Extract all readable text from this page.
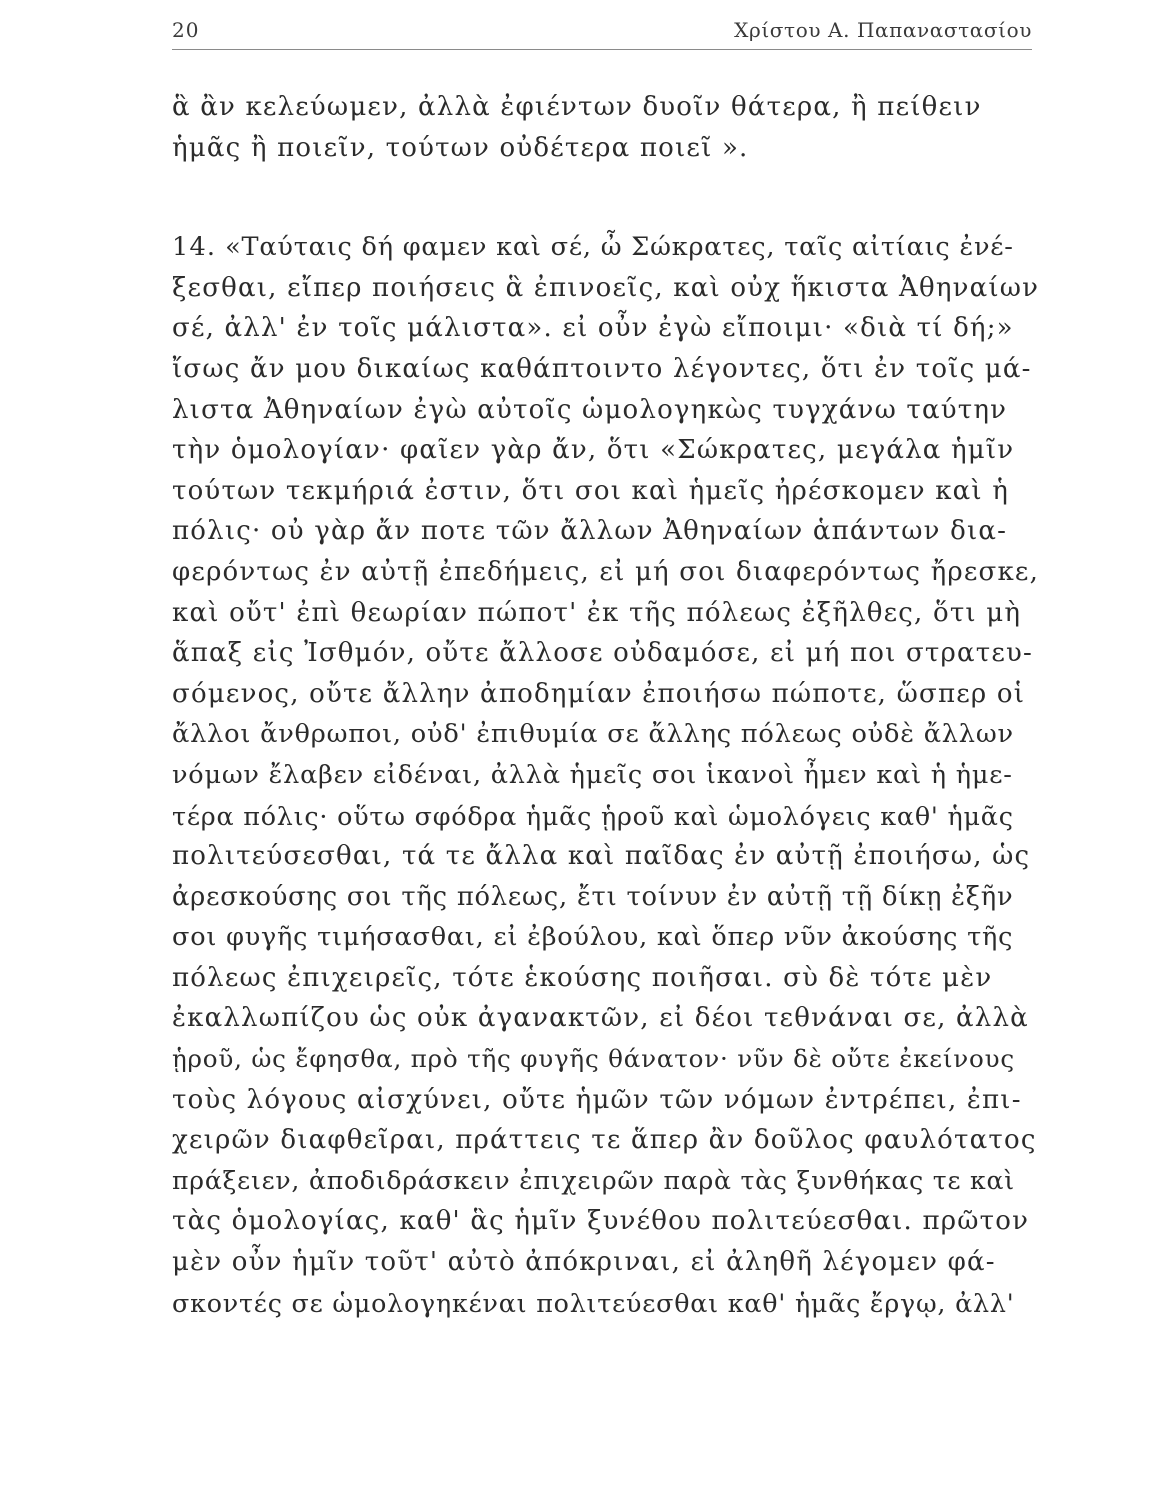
20	Χρίστου Α. Παπαναστασίου
ἃ ἂν κελεύωμεν, ἀλλὰ ἐφιέντων δυοῖν θάτερα, ἢ πείθειν
ἡμᾶς ἢ ποιεῖν, τούτων οὐδέτερα ποιεῖ ».
14. «Ταύταις δή φαμεν καὶ σέ, ὦ Σώκρατες, ταῖς αἰτίαις ἐνέ-
ξεσθαι, εἴπερ ποιήσεις ἃ ἐπινοεῖς, καὶ οὐχ ἥκιστα Ἀθηναίων
σέ, ἀλλ' ἐν τοῖς μάλιστα». εἰ οὖν ἐγὼ εἴποιμι· «διὰ τί δή;»
ἴσως ἄν μου δικαίως καθάπτοιντο λέγοντες, ὅτι ἐν τοῖς μά-
λιστα Ἀθηναίων ἐγὼ αὐτοῖς ὡμολογηκὼς τυγχάνω ταύτην
τὴν ὁμολογίαν· φαῖεν γὰρ ἄν, ὅτι «Σώκρατες, μεγάλα ἡμῖν
τούτων τεκμήριά ἐστιν, ὅτι σοι καὶ ἡμεῖς ἠρέσκομεν καὶ ἡ
πόλις· οὐ γὰρ ἄν ποτε τῶν ἄλλων Ἀθηναίων ἁπάντων δια-
φερόντως ἐν αὐτῇ ἐπεδήμεις, εἰ μή σοι διαφερόντως ἤρεσκε,
καὶ οὔτ' ἐπὶ θεωρίαν πώποτ' ἐκ τῆς πόλεως ἐξῆλθες, ὅτι μὴ
ἅπαξ εἰς Ἰσθμόν, οὔτε ἄλλοσε οὐδαμόσε, εἰ μή ποι στρατευ-
σόμενος, οὔτε ἄλλην ἀποδημίαν ἐποιήσω πώποτε, ὥσπερ οἱ
ἄλλοι ἄνθρωποι, οὐδ' ἐπιθυμία σε ἄλλης πόλεως οὐδὲ ἄλλων
νόμων ἔλαβεν εἰδέναι, ἀλλὰ ἡμεῖς σοι ἱκανοὶ ἦμεν καὶ ἡ ἡμε-
τέρα πόλις· οὕτω σφόδρα ἡμᾶς ᾑροῦ καὶ ὡμολόγεις καθ' ἡμᾶς
πολιτεύσεσθαι, τά τε ἄλλα καὶ παῖδας ἐν αὐτῇ ἐποιήσω, ὡς
ἀρεσκούσης σοι τῆς πόλεως, ἔτι τοίνυν ἐν αὐτῇ τῇ δίκῃ ἐξῆν
σοι φυγῆς τιμήσασθαι, εἰ ἐβούλου, καὶ ὅπερ νῦν ἀκούσης τῆς
πόλεως ἐπιχειρεῖς, τότε ἑκούσης ποιῆσαι. σὺ δὲ τότε μὲν
ἐκαλλωπίζου ὡς οὐκ ἀγανακτῶν, εἰ δέοι τεθνάναι σε, ἀλλὰ
ᾑροῦ, ὡς ἔφησθα, πρὸ τῆς φυγῆς θάνατον· νῦν δὲ οὔτε ἐκείνους
τοὺς λόγους αἰσχύνει, οὔτε ἡμῶν τῶν νόμων ἐντρέπει, ἐπι-
χειρῶν διαφθεῖραι, πράττεις τε ἅπερ ἂν δοῦλος φαυλότατος
πράξειεν, ἀποδιδράσκειν ἐπιχειρῶν παρὰ τὰς ξυνθήκας τε καὶ
τὰς ὁμολογίας, καθ' ἃς ἡμῖν ξυνέθου πολιτεύεσθαι. πρῶτον
μὲν οὖν ἡμῖν τοῦτ' αὐτὸ ἀπόκριναι, εἰ ἀληθῆ λέγομεν φά-
σκοντές σε ὡμολογηκέναι πολιτεύεσθαι καθ' ἡμᾶς ἔργῳ, ἀλλ'
